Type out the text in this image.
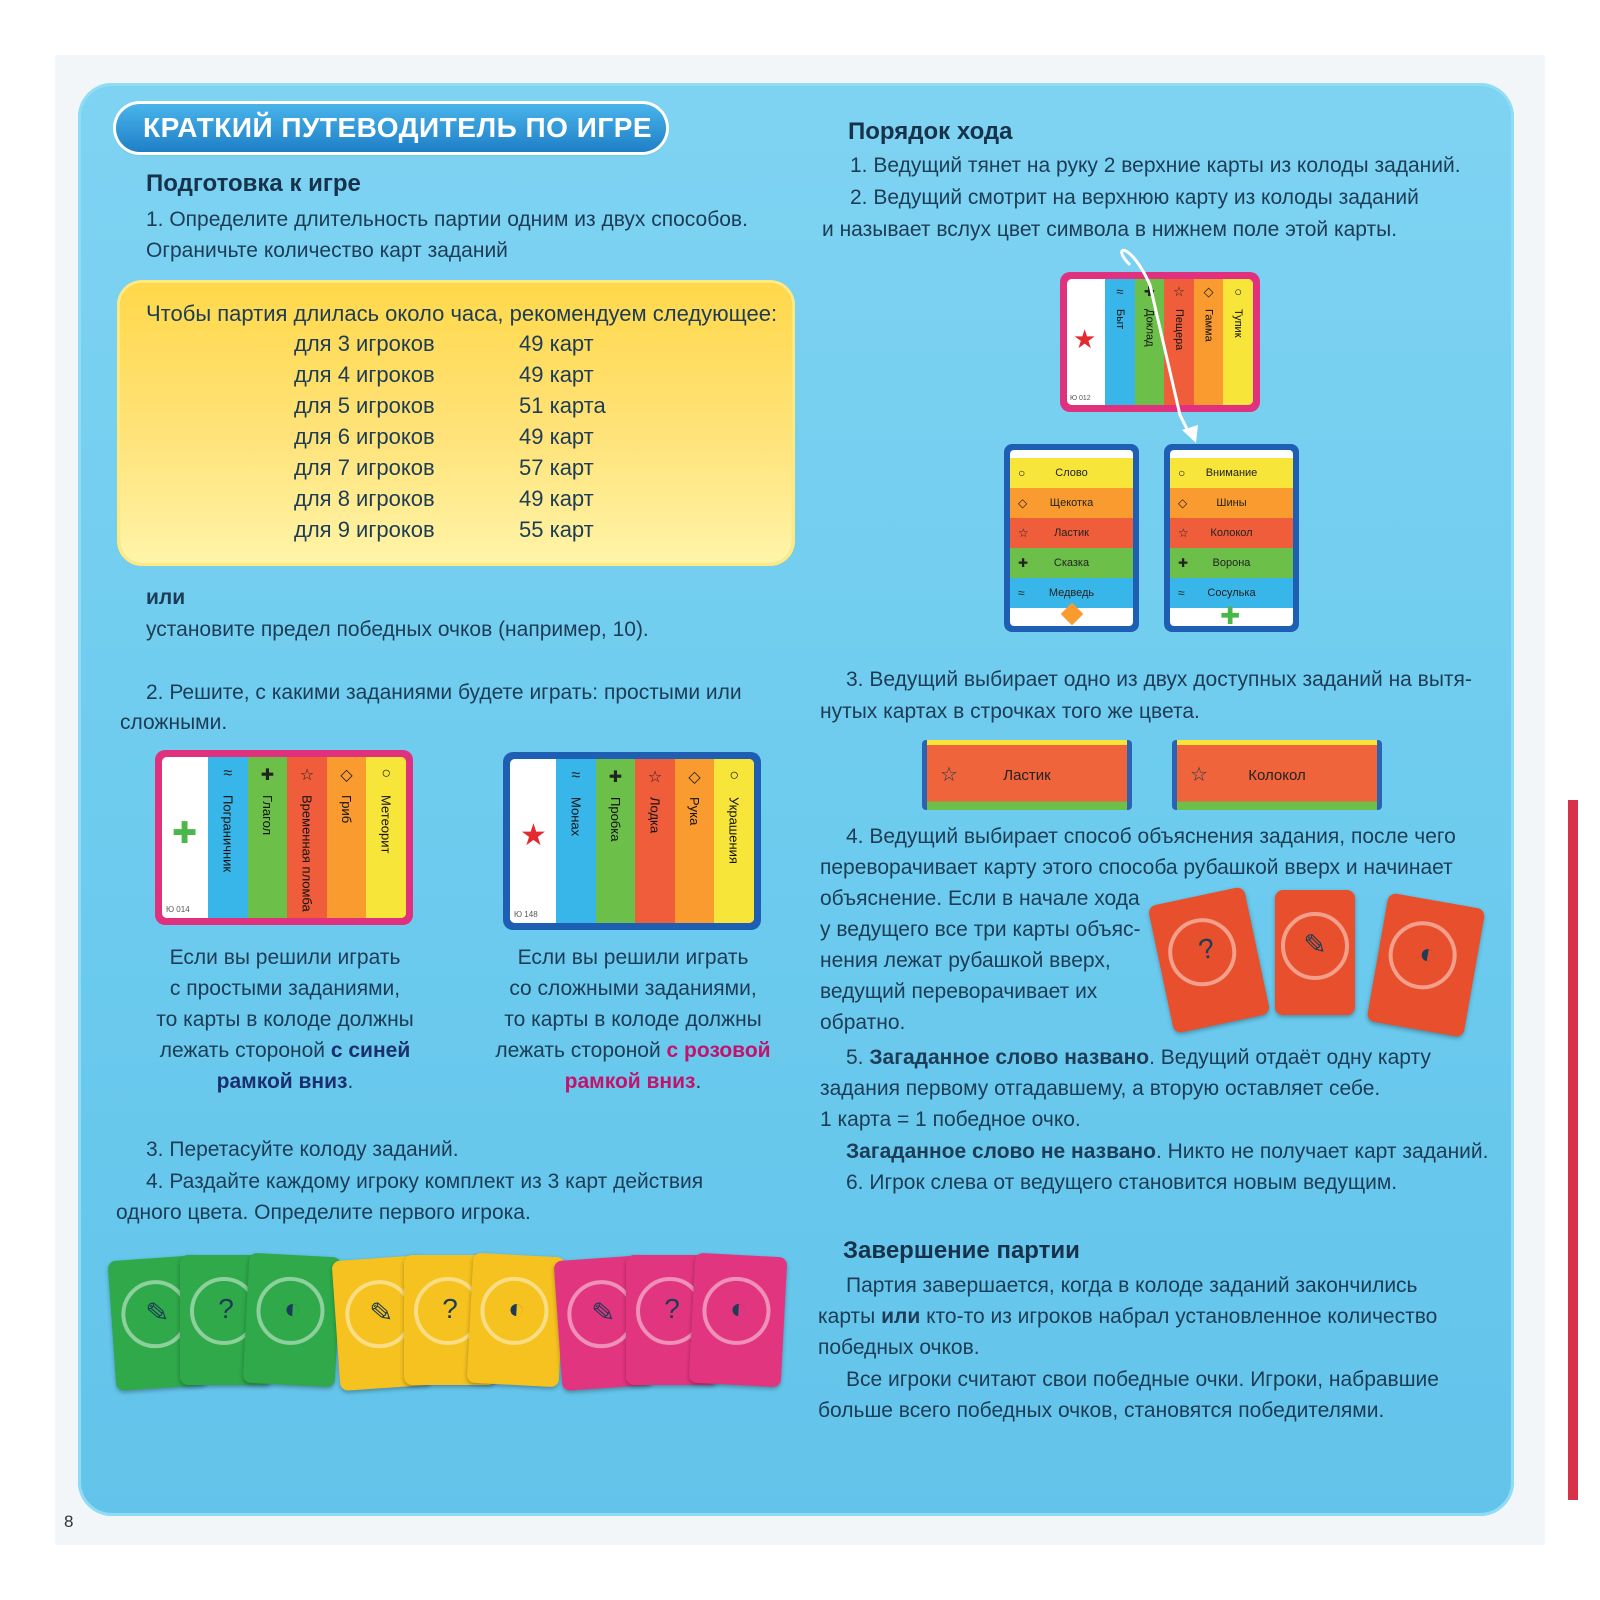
8
КРАТКИЙ ПУТЕВОДИТЕЛЬ ПО ИГРЕ
Подготовка к игре
1. Определите длительность партии одним из двух способов.
Ограничьте количество карт заданий
Чтобы партия длилась около часа, рекомендуем следующее:
для 3 игроков	49 карт
для 4 игроков	49 карт
для 5 игроков	51 карта
для 6 игроков	49 карт
для 7 игроков	57 карт
для 8 игроков	49 карт
для 9 игроков	55 карт
или
установите предел победных очков (например, 10).
2. Решите, с какими заданиями будете играть: простыми или
сложными.
✚
Ю 014
≈
Пограничник
✚
Глагол
☆
Временная пломба
◇
Гриб
○
Метеорит	★
Ю 148
≈
Монах
✚
Пробка
☆
Лодка
◇
Рука
○
Украшения
Если вы решили играть
с простыми заданиями,
то карты в колоде должны
лежать стороной с синей
рамкой вниз.
Если вы решили играть
со сложными заданиями,
то карты в колоде должны
лежать стороной с розовой
рамкой вниз.
3. Перетасуйте колоду заданий.
4. Раздайте каждому игроку комплект из 3 карт действия
одного цвета. Определите первого игрока.
✎	?	◐	✎	?	◐	✎	?	◐
Порядок хода
1. Ведущий тянет на руку 2 верхние карты из колоды заданий.
2. Ведущий смотрит на верхнюю карту из колоды заданий
и называет вслух цвет символа в нижнем поле этой карты.
★
Ю 012
≈
Быт
✚
Доклад
☆
Пещера
◇
Гамма
○
Тупик
○	Слово
◇	Щекотка
☆	Ластик
✚	Сказка
≈	Медведь
○	Внимание
◇	Шины
☆	Колокол
✚	Ворона
≈	Сосулька
✚
3. Ведущий выбирает одно из двух доступных заданий на вытя-
нутых картах в строчках того же цвета.
☆	Ластик	☆	Колокол
4. Ведущий выбирает способ объяснения задания, после чего
переворачивает карту этого способа рубашкой вверх и начинает
объяснение. Если в начале хода
у ведущего все три карты объяс-
нения лежат рубашкой вверх,
ведущий переворачивает их
обратно.
?	✎	◐
5. Загаданное слово названо. Ведущий отдаёт одну карту
задания первому отгадавшему, а вторую оставляет себе.
1 карта = 1 победное очко.
Загаданное слово не названо. Никто не получает карт заданий.
6. Игрок слева от ведущего становится новым ведущим.
Завершение партии
Партия завершается, когда в колоде заданий закончились
карты или кто-то из игроков набрал установленное количество
победных очков.
Все игроки считают свои победные очки. Игроки, набравшие
больше всего победных очков, становятся победителями.
